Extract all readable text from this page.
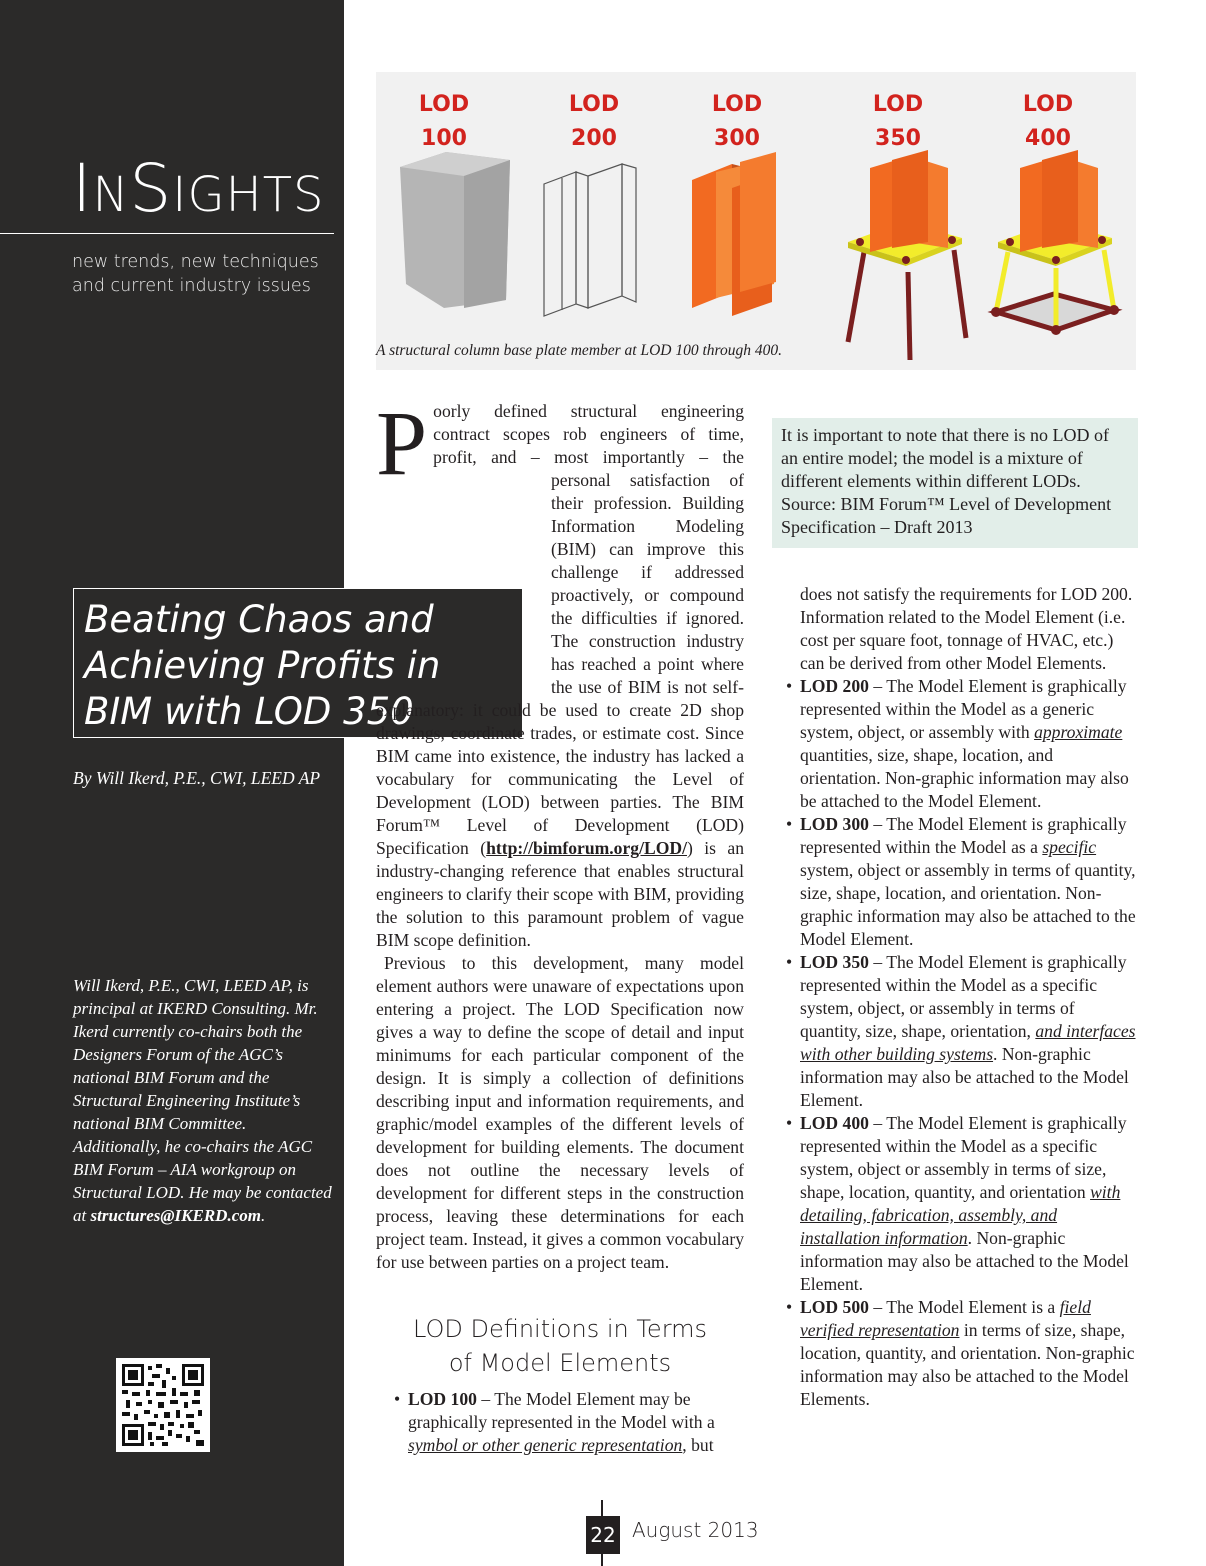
INSIGHTS
new trends, new techniques
and current industry issues
Beating Chaos and Achieving Profits in BIM with LOD 350
By Will Ikerd, P.E., CWI, LEED AP
Will Ikerd, P.E., CWI, LEED AP, is principal at IKERD Consulting. Mr. Ikerd currently co-chairs both the Designers Forum of the AGC’s national BIM Forum and the Structural Engineering Institute’s national BIM Committee. Additionally, he co-chairs the AGC BIM Forum – AIA workgroup on Structural LOD. He may be contacted at structures@IKERD.com.
LOD
100
LOD
200
LOD
300
LOD
350
LOD
400
A structural column base plate member at LOD 100 through 400.

Poorly defined structural engineering contract scopes rob engineers of time, profit, and – most importantly – the personal satisfaction of their profession. Building Information Modeling (BIM) can improve this challenge if addressed proactively, or compound the difficulties if ignored. The construction industry has reached a point where the use of BIM is not self-explanatory: it could be used to create 2D shop drawings, coordinate trades, or estimate cost. Since BIM came into existence, the industry has lacked a vocabulary for communicating the Level of Development (LOD) between parties. The BIM Forum™ Level of Development (LOD) Specification (http://bimforum.org/LOD/) is an industry-changing reference that enables structural engineers to clarify their scope with BIM, providing the solution to this paramount problem of vague BIM scope definition.

Previous to this development, many model element authors were unaware of expectations upon entering a project. The LOD Specification now gives a way to define the scope of detail and input minimums for each particular component of the design. It is simply a collection of definitions describing input and information requirements, and graphic/model examples of the different levels of development for building elements. The document does not outline the necessary levels of development for different steps in the construction process, leaving these determinations for each project team. Instead, it gives a common vocabulary for use between parties on a project team.

LOD Definitions in Terms
of Model Elements
• LOD 100 – The Model Element may be graphically represented in the Model with a symbol or other generic representation, but
It is important to note that there is no LOD of an entire model; the model is a mixture of different elements within different LODs. Source: BIM Forum™ Level of Development Specification – Draft 2013

does not satisfy the requirements for LOD 200. Information related to the Model Element (i.e. cost per square foot, tonnage of HVAC, etc.) can be derived from other Model Elements.

• LOD 200 – The Model Element is graphically represented within the Model as a generic system, object, or assembly with approximate quantities, size, shape, location, and orientation. Non-graphic information may also be attached to the Model Element.
• LOD 300 – The Model Element is graphically represented within the Model as a specific system, object or assembly in terms of quantity, size, shape, location, and orientation. Non-graphic information may also be attached to the Model Element.
• LOD 350 – The Model Element is graphically represented within the Model as a specific system, object, or assembly in terms of quantity, size, shape, orientation, and interfaces with other building systems. Non-graphic information may also be attached to the Model Element.
• LOD 400 – The Model Element is graphically represented within the Model as a specific system, object or assembly in terms of size, shape, location, quantity, and orientation with detailing, fabrication, assembly, and installation information. Non-graphic information may also be attached to the Model Element.
• LOD 500 – The Model Element is a field verified representation in terms of size, shape, location, quantity, and orientation. Non-graphic information may also be attached to the Model Elements.
22 August 2013
